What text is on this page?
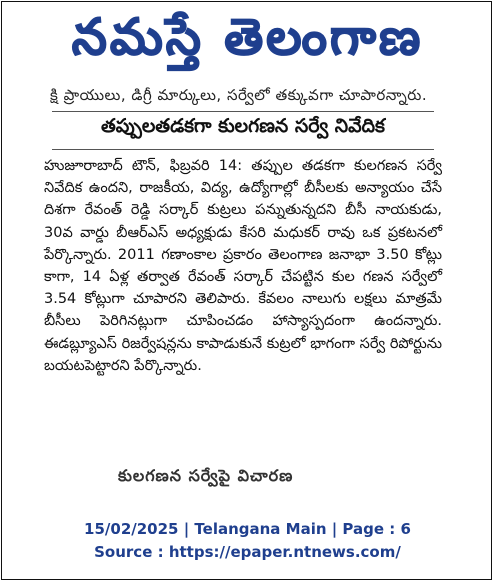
నమస్తే తెలంగాణ
క్షి ప్రాయులు, డిగ్రీ మార్కులు, సర్వేలో తక్కువగా చూపారన్నారు.
తప్పులతడకగా కులగణన సర్వే నివేదిక

హుజూరాబాద్ టౌన్, ఫిబ్రవరి 14: తప్పుల తడకగా కులగణన సర్వే నివేదిక ఉందని, రాజకీయ, విద్య, ఉద్యోగాల్లో బీసీలకు అన్యాయం చేసే దిశగా రేవంత్ రెడ్డి సర్కార్ కుట్రలు పన్నుతున్నదని బీసీ నాయకుడు, 30వ వార్డు బీఆర్ఎస్ అధ్యక్షుడు కేసరి మధుకర్ రావు ఒక ప్రకటనలో పేర్కొన్నారు. 2011 గణాంకాల ప్రకారం తెలంగాణ జనాభా 3.50 కోట్లు కాగా, 14 ఏళ్ల తర్వాత రేవంత్ సర్కార్ చేపట్టిన కుల గణన సర్వేలో 3.54 కోట్లుగా చూపారని తెలిపారు. కేవలం నాలుగు లక్షలు మాత్రమే బీసీలు పెరిగినట్లుగా చూపించడం హాస్యాస్పదంగా ఉందన్నారు. ఈడబ్ల్యూఎస్ రిజర్వేషన్లను కాపాడుకునే కుట్రలో భాగంగా సర్వే రిపోర్టును బయటపెట్టారని పేర్కొన్నారు.

కులగణన సర్వేపై విచారణ
15/02/2025 | Telangana Main | Page : 6
Source : https://epaper.ntnews.com/
